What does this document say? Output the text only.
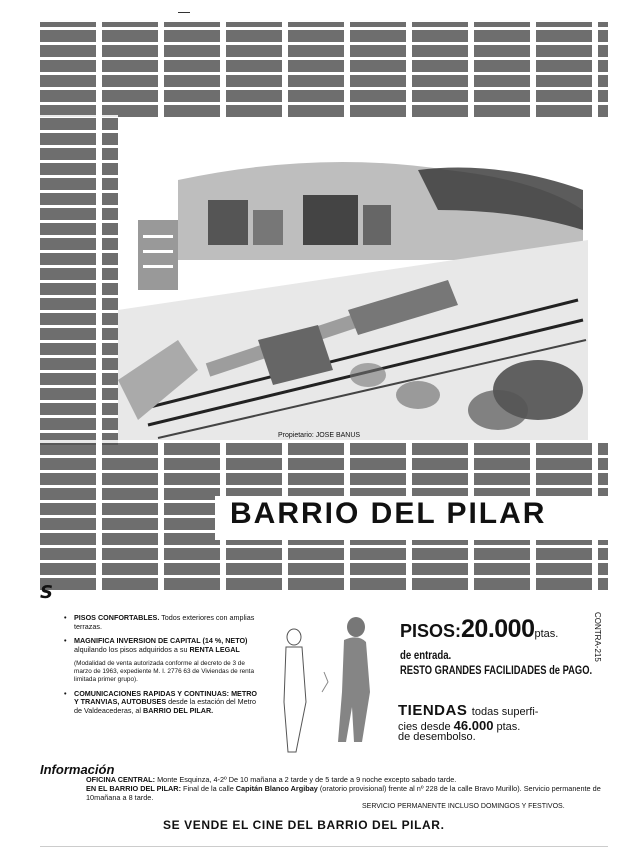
Propietario: JOSE BANUS
BARRIO DEL PILAR
S
CONTRA-215
• PISOS CONFORTABLES. Todos exteriores con amplias terrazas.
• MAGNIFICA INVERSION DE CAPITAL (14 %, NETO) alquilando los pisos adquiridos a su RENTA LEGAL
(Modalidad de venta autorizada conforme al decreto de 3 de marzo de 1963, expediente M. I. 2776 63 de Viviendas de renta limitada primer grupo).
• COMUNICACIONES RAPIDAS Y CONTINUAS: METRO Y TRANVIAS, AUTOBUSES desde la estación del Metro de Valdeacederas, al BARRIO DEL PILAR.
PISOS:20.000ptas.
de entrada.
RESTO GRANDES FACILIDADES de PAGO.
TIENDAS todas superfi-
cies desde 46.000 ptas.
de desembolso.
Información
OFICINA CENTRAL: Monte Esquinza, 4-2º De 10 mañana a 2 tarde y de 5 tarde a 9 noche excepto sabado tarde.
EN EL BARRIO DEL PILAR: Final de la calle Capitán Blanco Argibay (oratorio provisional) frente al nº 228 de la calle Bravo Murillo). Servicio permanente de 10mañana a 8 tarde.
SERVICIO PERMANENTE INCLUSO DOMINGOS Y FESTIVOS.
SE VENDE EL CINE DEL BARRIO DEL PILAR.
